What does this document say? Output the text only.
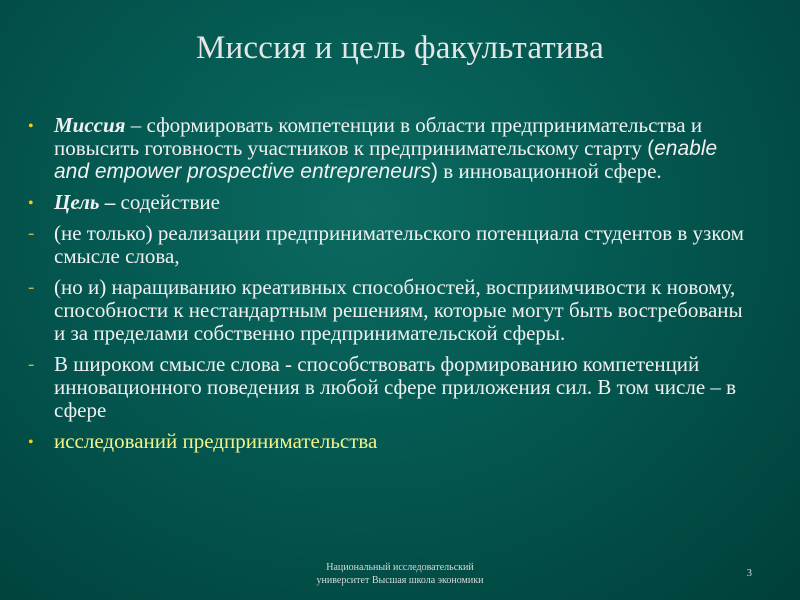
Миссия и цель факультатива
• Миссия – сформировать компетенции в области предпринимательства и повысить готовность участников к предпринимательскому старту (enable and empower prospective entrepreneurs) в инновационной сфере.
• Цель – содействие
- (не только) реализации предпринимательского потенциала студентов в узком смысле слова,
- (но и) наращиванию креативных способностей, восприимчивости к новому, способности к нестандартным решениям, которые могут быть востребованы и за пределами собственно предпринимательской сферы.
- В широком смысле слова - способствовать формированию компетенций инновационного поведения в любой сфере приложения сил. В том числе – в сфере
• исследований предпринимательства
Национальный исследовательский
университет Высшая школа экономики
3
